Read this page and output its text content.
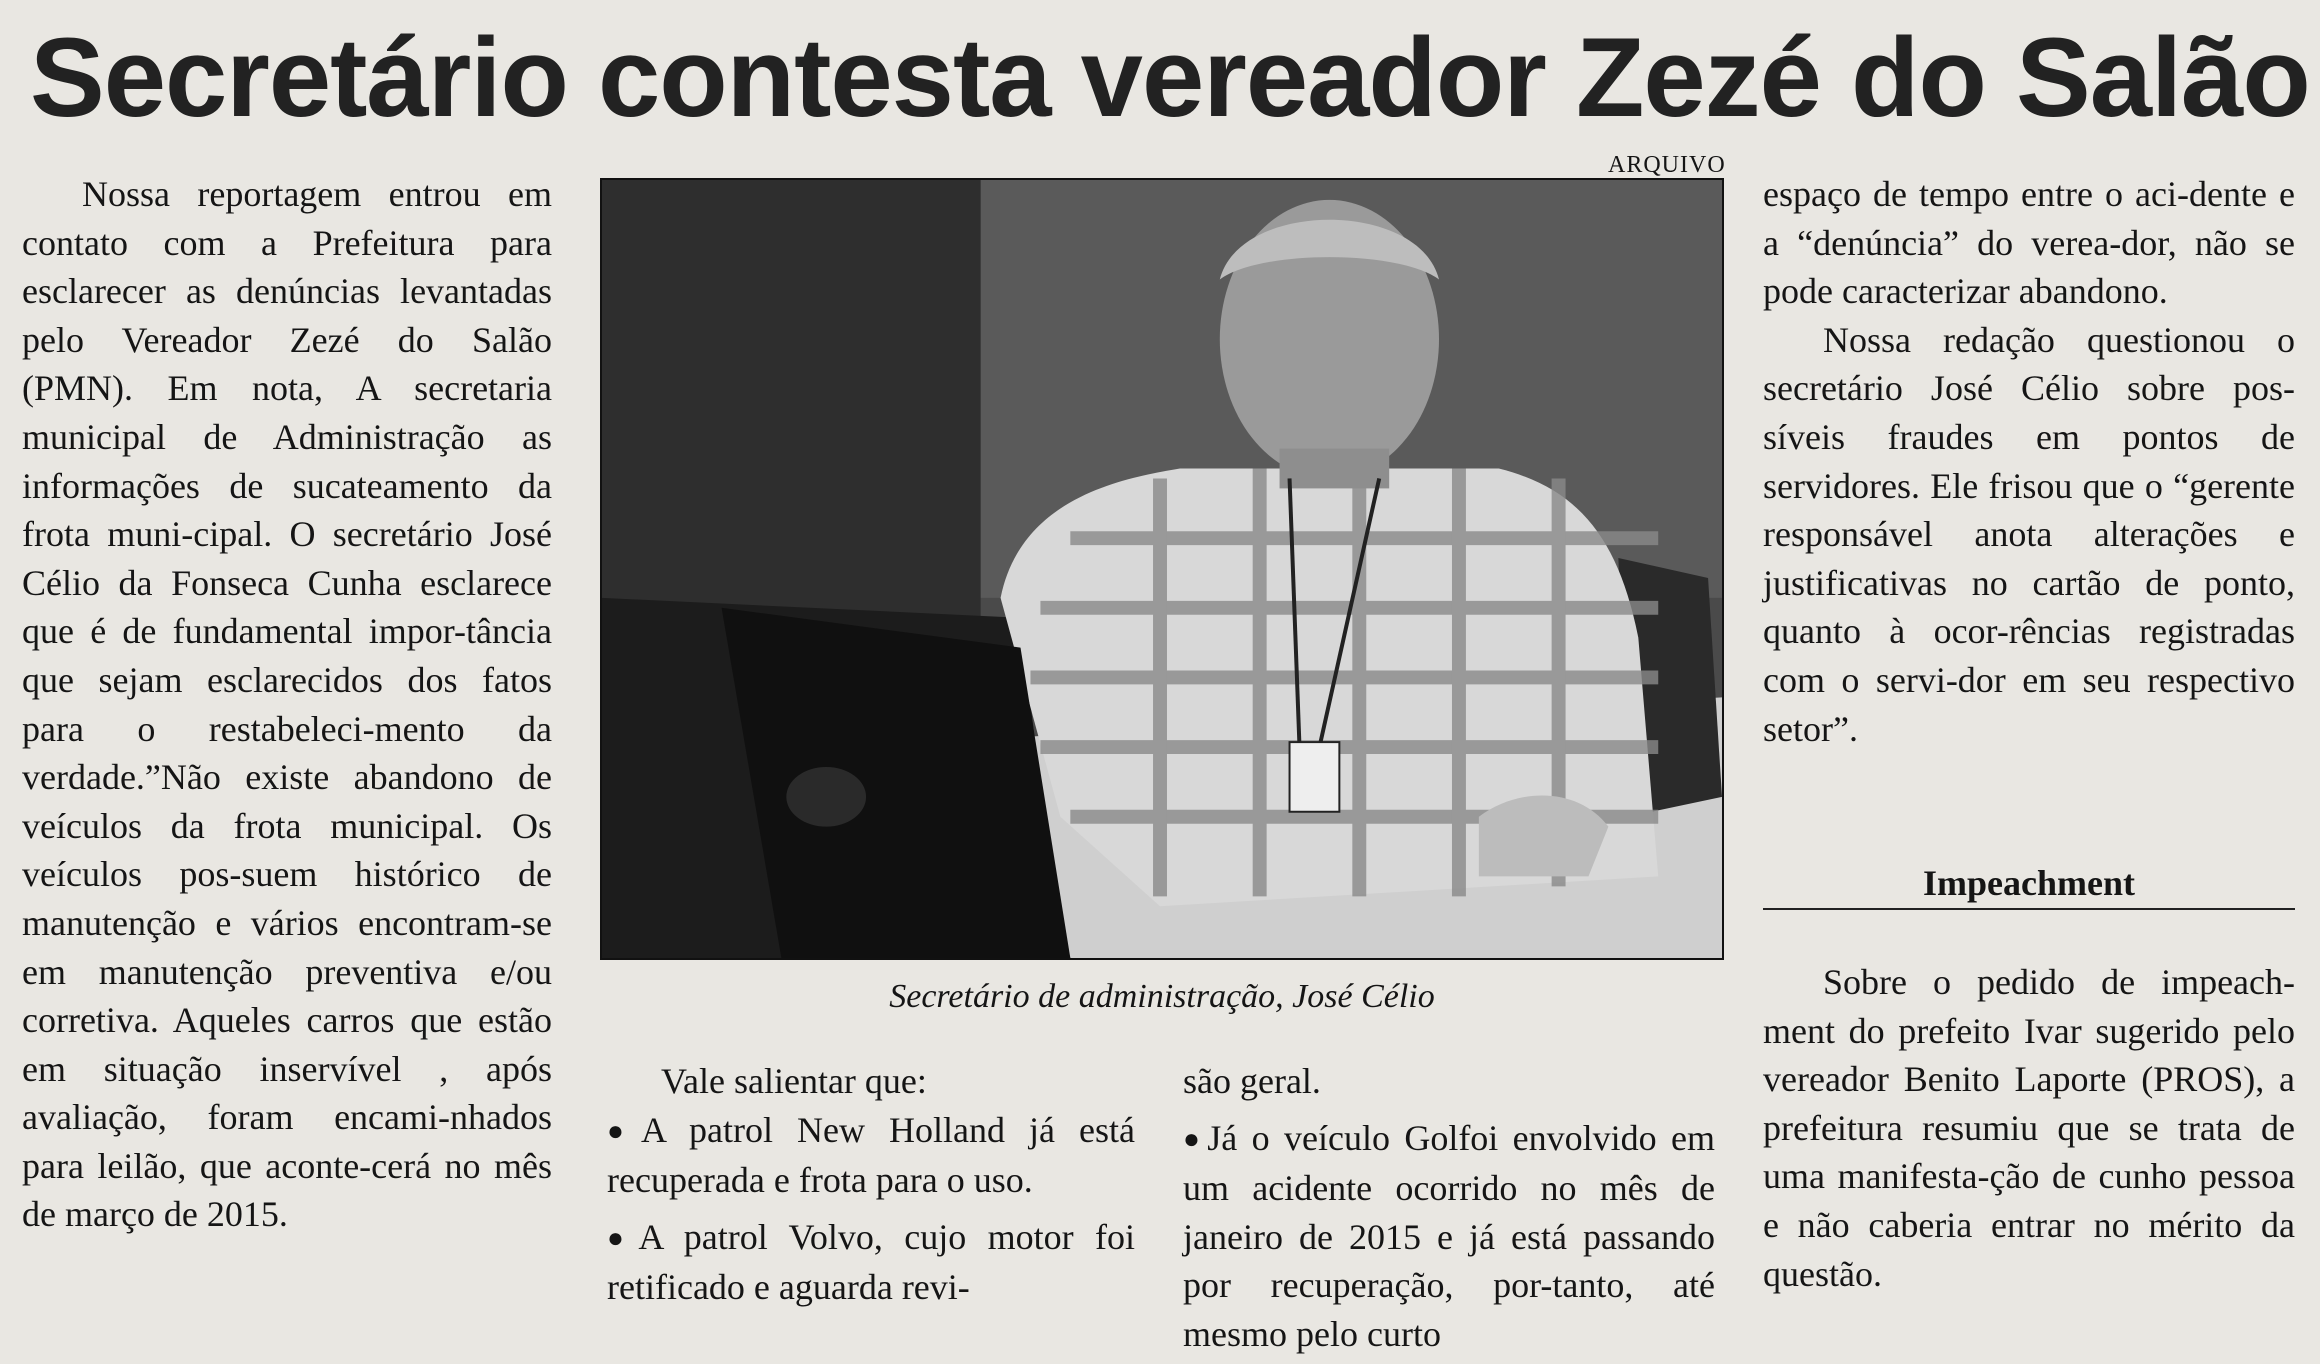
Secretário contesta vereador Zezé do Salão

Nossa reportagem entrou em contato com a Prefeitura para esclarecer as denúncias levantadas pelo Vereador Zezé do Salão (PMN). Em nota, A secretaria municipal de Administração as informações de sucateamento da frota muni-cipal. O secretário José Célio da Fonseca Cunha esclarece que é de fundamental impor-tância que sejam esclarecidos dos fatos para o restabeleci-mento da verdade.”Não existe abandono de veículos da frota municipal. Os veículos pos-suem histórico de manutenção e vários encontram-se em manutenção preventiva e/ou corretiva. Aqueles carros que estão em situação inservível , após avaliação, foram encami-nhados para leilão, que aconte-cerá no mês de março de 2015.

ARQUIVO
Secretário de administração, José Célio

Vale salientar que:

● A patrol New Holland já está recuperada e frota para o uso.

● A patrol Volvo, cujo motor foi retificado e aguarda revi-

são geral.

● Já o veículo Golfoi envolvido em um acidente ocorrido no mês de janeiro de 2015 e já está passando por recuperação, por-tanto, até mesmo pelo curto

espaço de tempo entre o aci-dente e a “denúncia” do verea-dor, não se pode caracterizar abandono.

Nossa redação questionou o secretário José Célio sobre pos-síveis fraudes em pontos de servidores. Ele frisou que o “gerente responsável anota alterações e justificativas no cartão de ponto, quanto à ocor-rências registradas com o servi-dor em seu respectivo setor”.

Impeachment

Sobre o pedido de impeach-ment do prefeito Ivar sugerido pelo vereador Benito Laporte (PROS), a prefeitura resumiu que se trata de uma manifesta-ção de cunho pessoa e não caberia entrar no mérito da questão.
